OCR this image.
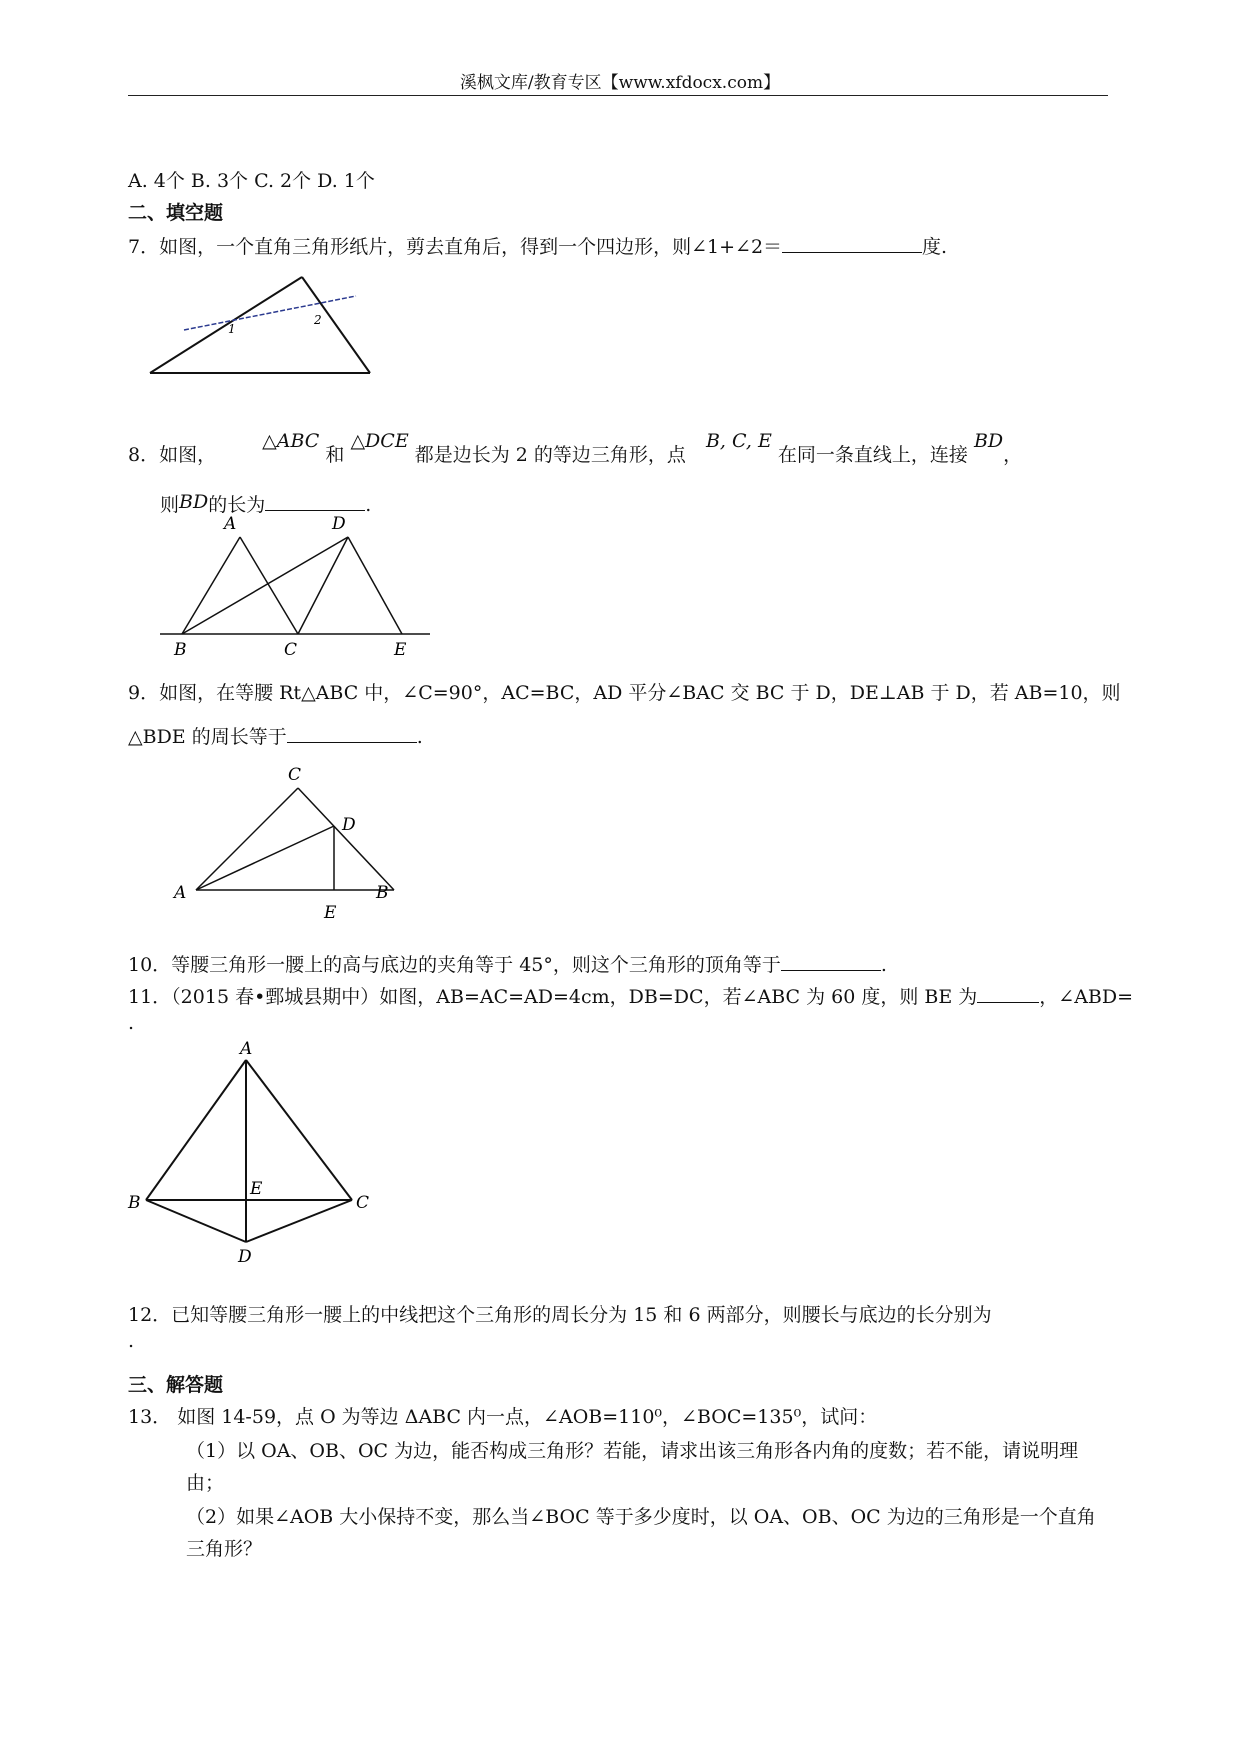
溪枫文库/教育专区【www.xfdocx.com】
A. 4个 B. 3个 C. 2个 D. 1个
二、填空题
7．如图，一个直角三角形纸片，剪去直角后，得到一个四边形，则∠1+∠2＝	度.
1
2
8．如图， △ABC 和 △DCE 都是边长为 2 的等边三角形，点 B, C, E 在同一条直线上，连接 BD，
则BD的长为	.
A	D
B	C	E
9．如图，在等腰 Rt△ABC 中，∠C=90°，AC=BC，AD 平分∠BAC 交 BC 于 D，DE⊥AB 于 D，若 AB=10，则
△BDE 的周长等于	.
C
D
A	B
E
10．等腰三角形一腰上的高与底边的夹角等于 45°，则这个三角形的顶角等于	.
11．（2015 春•鄄城县期中）如图，AB=AC=AD=4cm，DB=DC，若∠ABC 为 60 度，则 BE 为	，∠ABD=
.
A
B	C
D
E
12．已知等腰三角形一腰上的中线把这个三角形的周长分为 15 和 6 两部分，则腰长与底边的长分别为
.
三、解答题
13． 如图 14-59，点 O 为等边 ΔABC 内一点，∠AOB=110⁰，∠BOC=135⁰，试问：
（1）以 OA、OB、OC 为边，能否构成三角形？若能，请求出该三角形各内角的度数；若不能，请说明理
由；
（2）如果∠AOB 大小保持不变，那么当∠BOC 等于多少度时，以 OA、OB、OC 为边的三角形是一个直角
三角形？
